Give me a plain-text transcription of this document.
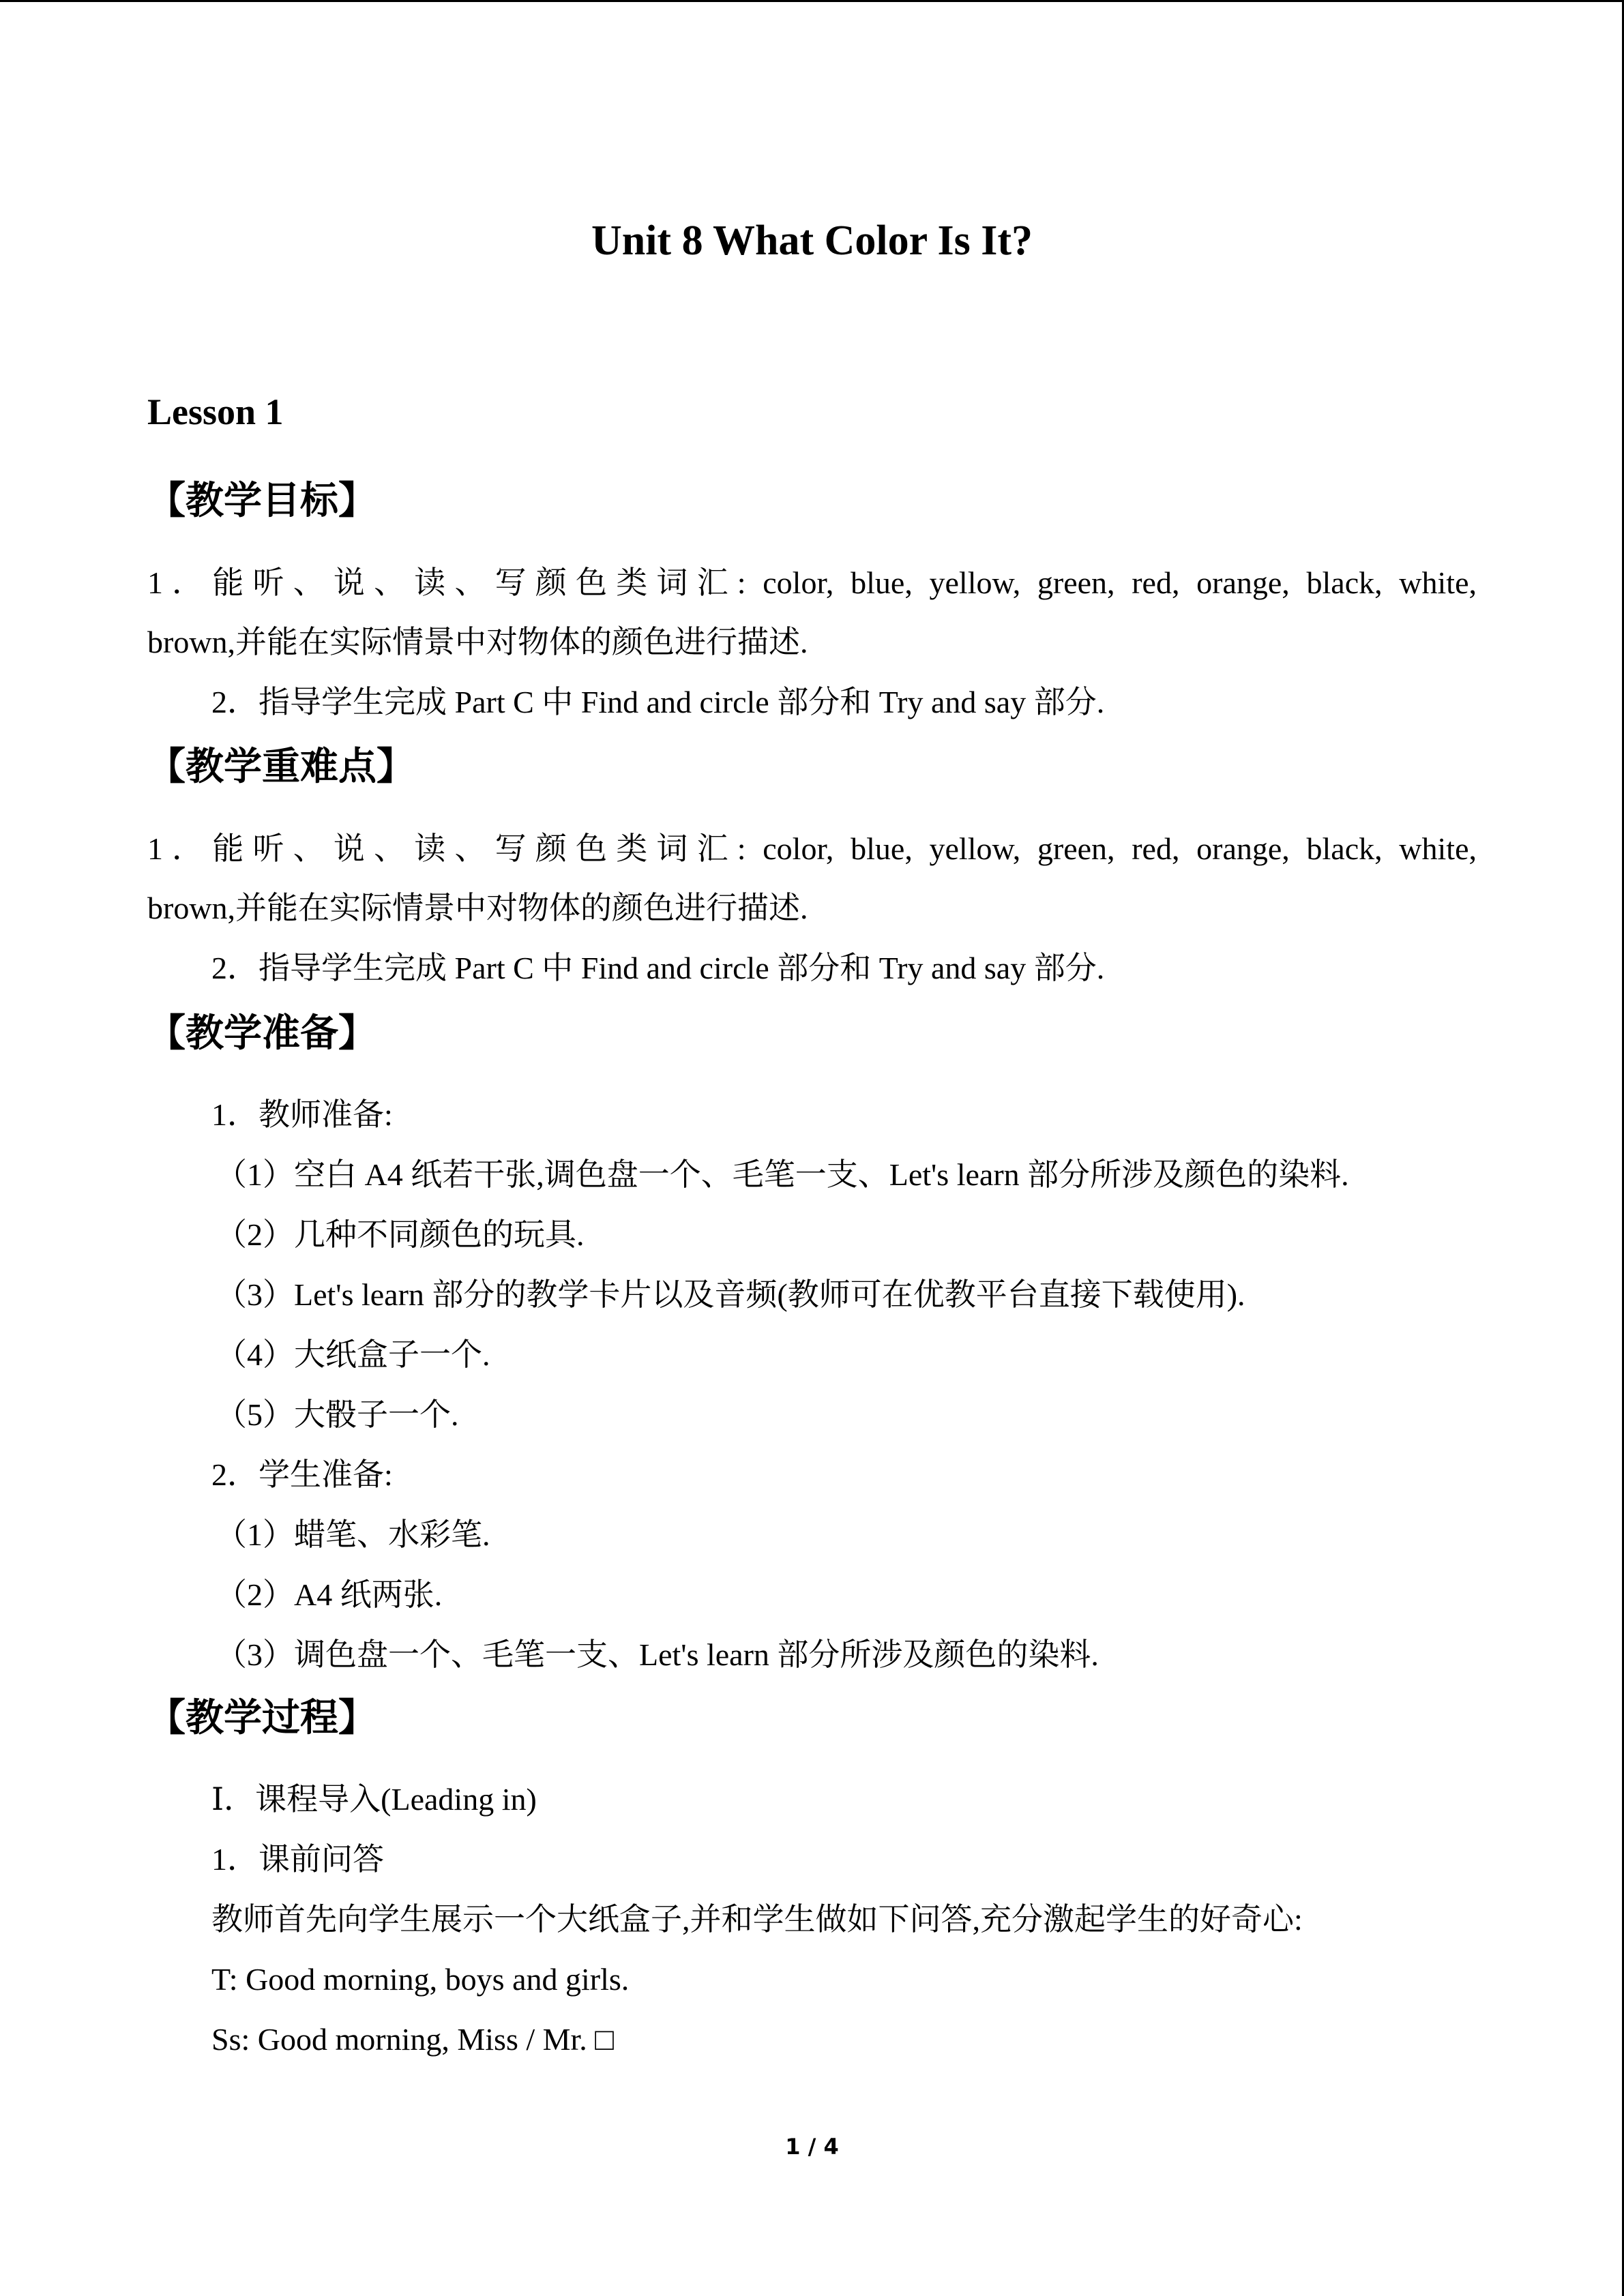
Unit 8 What Color Is It?
Lesson 1
【教学目标】
1．能听、说、读、写颜色类词汇: color, blue, yellow, green, red, orange, black, white,
brown,并能在实际情景中对物体的颜色进行描述.
2．指导学生完成 Part C 中 Find and circle 部分和 Try and say 部分.
【教学重难点】
1．能听、说、读、写颜色类词汇: color, blue, yellow, green, red, orange, black, white,
brown,并能在实际情景中对物体的颜色进行描述.
2．指导学生完成 Part C 中 Find and circle 部分和 Try and say 部分.
【教学准备】
1．教师准备:
（1）空白 A4 纸若干张,调色盘一个、毛笔一支、Let's learn 部分所涉及颜色的染料.
（2）几种不同颜色的玩具.
（3）Let's learn 部分的教学卡片以及音频(教师可在优教平台直接下载使用).
（4）大纸盒子一个.
（5）大骰子一个.
2．学生准备:
（1）蜡笔、水彩笔.
（2）A4 纸两张.
（3）调色盘一个、毛笔一支、Let's learn 部分所涉及颜色的染料.
【教学过程】
Ⅰ．课程导入(Leading in)
1．课前问答
教师首先向学生展示一个大纸盒子,并和学生做如下问答,充分激起学生的好奇心:
T: Good morning, boys and girls.
Ss: Good morning, Miss / Mr. □
1 / 4
